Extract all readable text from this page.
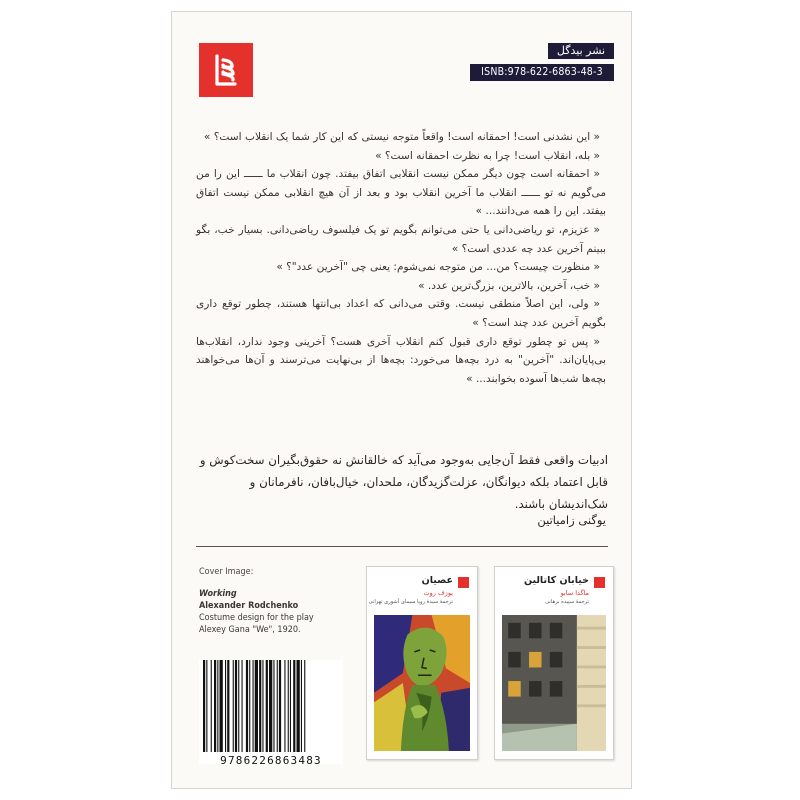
نشر بیدگل
ISNB:978-622-6863-48-3

« این نشدنی است! احمقانه است! واقعاً متوجه نیستی که این کار شما یک انقلاب است؟ »

« بله، انقلاب است! چرا به نظرت احمقانه است؟ »

« احمقانه است چون دیگر ممکن نیست انقلابی اتفاق بیفتد. چون انقلاب ما ــــــ این را من می‌گویم نه تو ــــــ انقلاب ما آخرین انقلاب بود و بعد از آن هیچ انقلابی ممکن نیست اتفاق بیفتد. این را همه می‌دانند... »

« عزیزم، تو ریاضی‌دانی یا حتی می‌توانم بگویم تو یک فیلسوف ریاضی‌دانی. بسیار خب، بگو ببینم آخرین عدد چه عددی است؟ »

« منظورت چیست؟ من... من متوجه نمی‌شوم: یعنی چی "آخرین عدد"؟ »

« خب، آخرین، بالاترین، بزرگ‌ترین عدد. »

« ولی، این اصلاً منطقی نیست. وقتی می‌دانی که اعداد بی‌انتها هستند، چطور توقع داری بگویم آخرین عدد چند است؟ »

« پس تو چطور توقع داری قبول کنم انقلاب آخری هست؟ آخرینی وجود ندارد، انقلاب‌ها بی‌پایان‌اند. "آخرین" به درد بچه‌ها می‌خورد: بچه‌ها از بی‌نهایت می‌ترسند و آن‌ها می‌خواهند بچه‌ها شب‌ها آسوده بخوابند... »

ادبیات واقعی فقط آن‌جایی به‌وجود می‌آید که خالقانش نه حقوق‌بگیران سخت‌کوش و قابل اعتماد بلکه دیوانگان، عزلت‌گزیدگان، ملحدان، خیال‌بافان، نافرمانان و شک‌اندیشان باشند.

یوگنی زامیاتین
Cover Image:
Working
Alexander Rodchenko
Costume design for the play
Alexey Gana "We", 1920.
9786226863483
عصیان
یوزف روت
ترجمهٔ سیدهٔ رویا سیمای آشوری تهرانی
خیابان کاتالین
ماگدا سابو
ترجمهٔ سپیده برهانی
